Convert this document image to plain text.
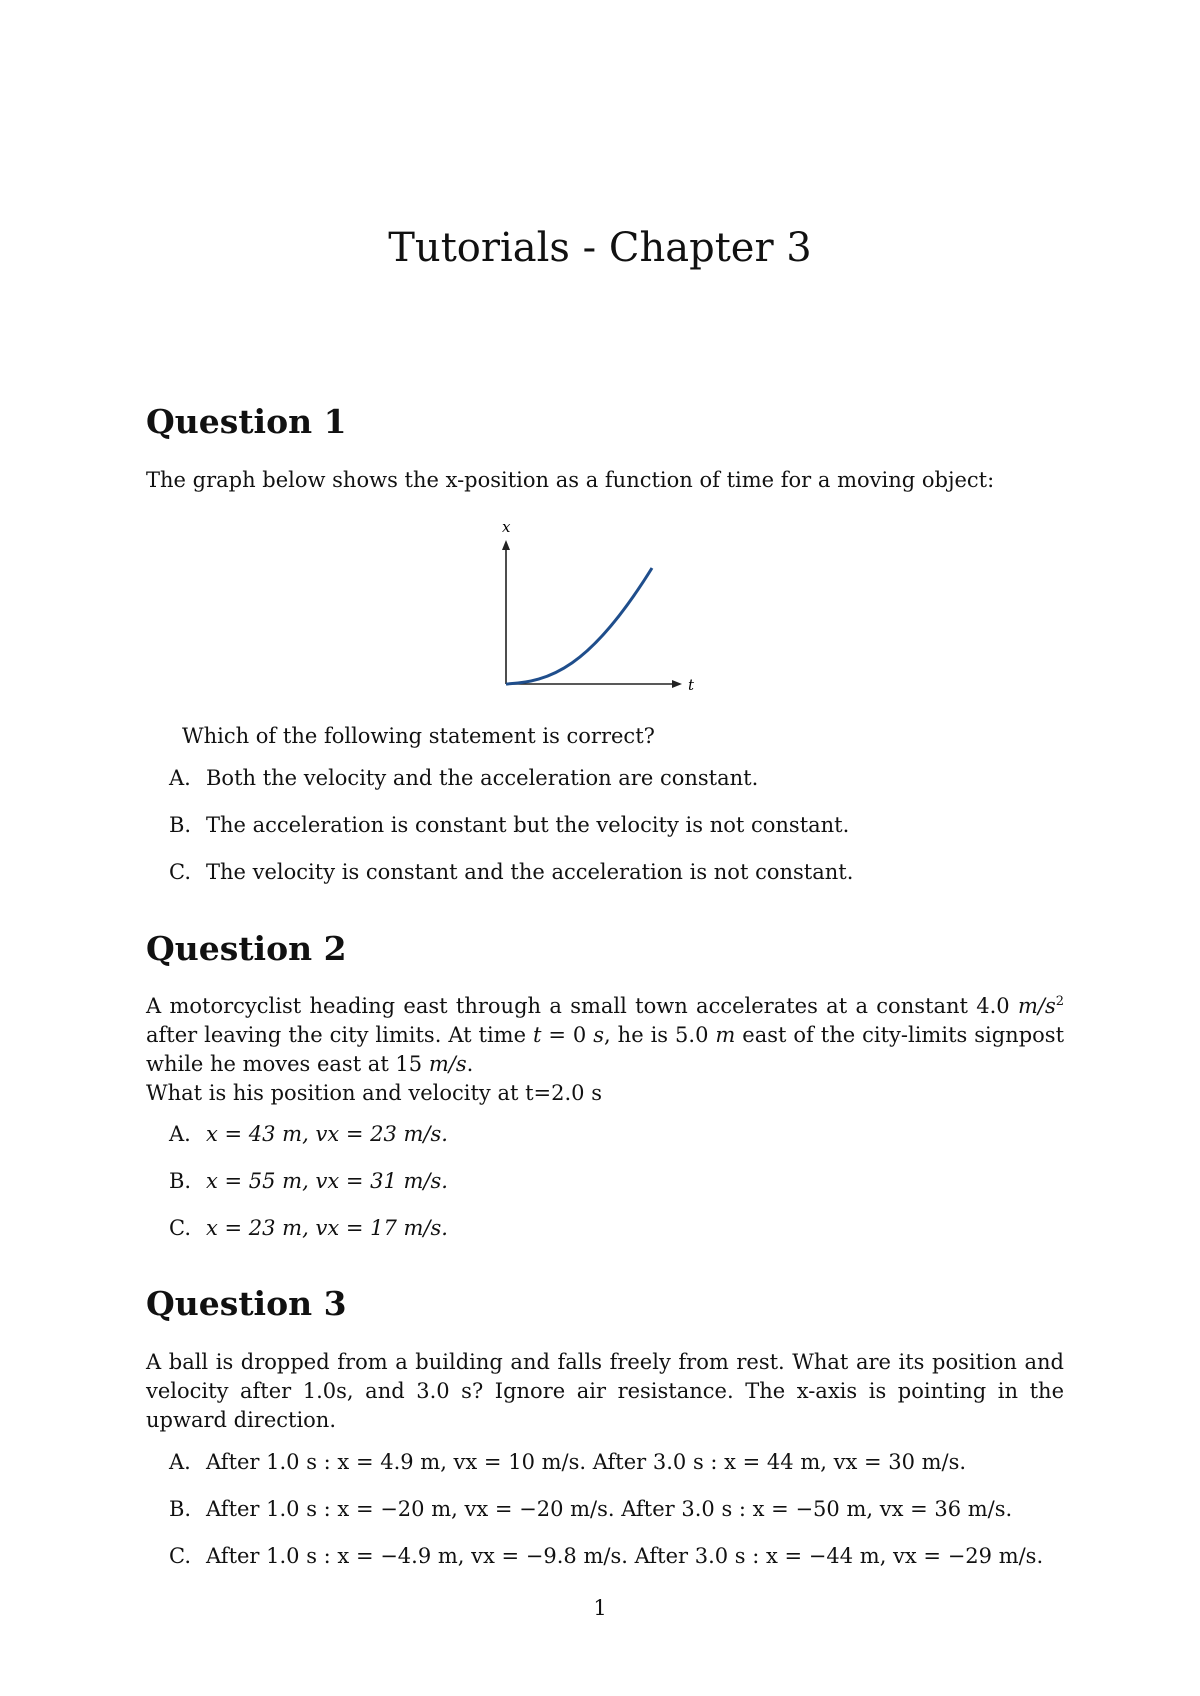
Tutorials - Chapter 3
Question 1

The graph below shows the x-position as a function of time for a moving object:

x
t

Which of the following statement is correct?

A. Both the velocity and the acceleration are constant.

B. The acceleration is constant but the velocity is not constant.

C. The velocity is constant and the acceleration is not constant.

Question 2

A motorcyclist heading east through a small town accelerates at a constant 4.0 $m/s^2$ after leaving the city limits. At time t = 0 s, he is 5.0 m east of the city-limits signpost while he moves east at 15 m/s.

What is his position and velocity at t=2.0 s

A. x = 43 m, vx = 23 m/s.

B. x = 55 m, vx = 31 m/s.

C. x = 23 m, vx = 17 m/s.

Question 3

A ball is dropped from a building and falls freely from rest. What are its position and velocity after 1.0s, and 3.0 s? Ignore air resistance. The x-axis is pointing in the upward direction.

A. After 1.0 s : x = 4.9 m, vx = 10 m/s. After 3.0 s : x = 44 m, vx = 30 m/s.

B. After 1.0 s : x = −20 m, vx = −20 m/s. After 3.0 s : x = −50 m, vx = 36 m/s.

C. After 1.0 s : x = −4.9 m, vx = −9.8 m/s. After 3.0 s : x = −44 m, vx = −29 m/s.

1
